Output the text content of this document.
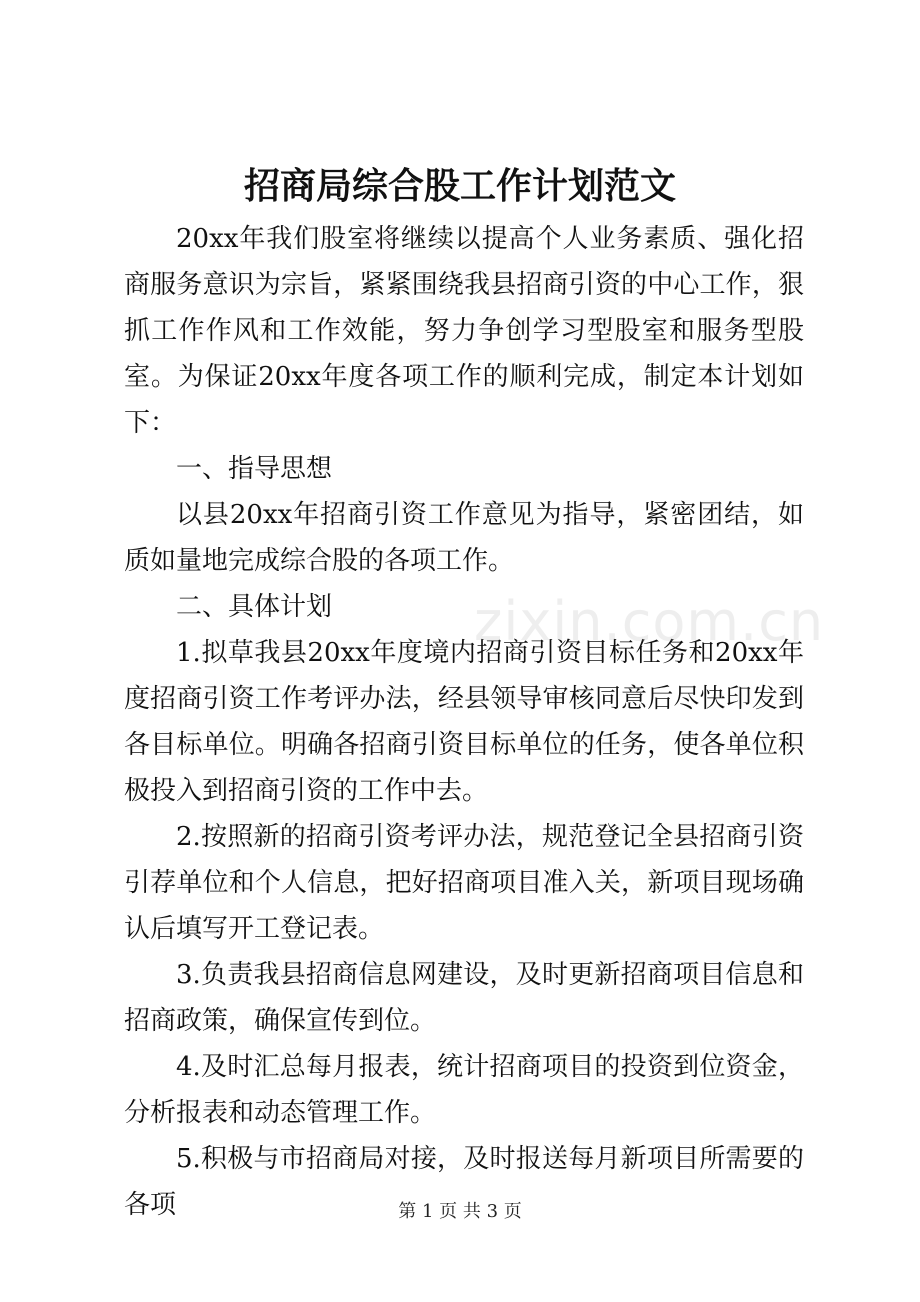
招商局综合股工作计划范文

20xx年我们股室将继续以提高个人业务素质、强化招商服务意识为宗旨，紧紧围绕我县招商引资的中心工作，狠抓工作作风和工作效能，努力争创学习型股室和服务型股室。为保证20xx年度各项工作的顺利完成，制定本计划如下：

一、指导思想

以县20xx年招商引资工作意见为指导，紧密团结，如质如量地完成综合股的各项工作。

二、具体计划

1.拟草我县20xx年度境内招商引资目标任务和20xx年度招商引资工作考评办法，经县领导审核同意后尽快印发到各目标单位。明确各招商引资目标单位的任务，使各单位积极投入到招商引资的工作中去。

2.按照新的招商引资考评办法，规范登记全县招商引资引荐单位和个人信息，把好招商项目准入关，新项目现场确认后填写开工登记表。

3.负责我县招商信息网建设，及时更新招商项目信息和招商政策，确保宣传到位。

4.及时汇总每月报表，统计招商项目的投资到位资金，分析报表和动态管理工作。

5.积极与市招商局对接，及时报送每月新项目所需要的各项

zixin.com.cn
第 1 页 共 3 页
